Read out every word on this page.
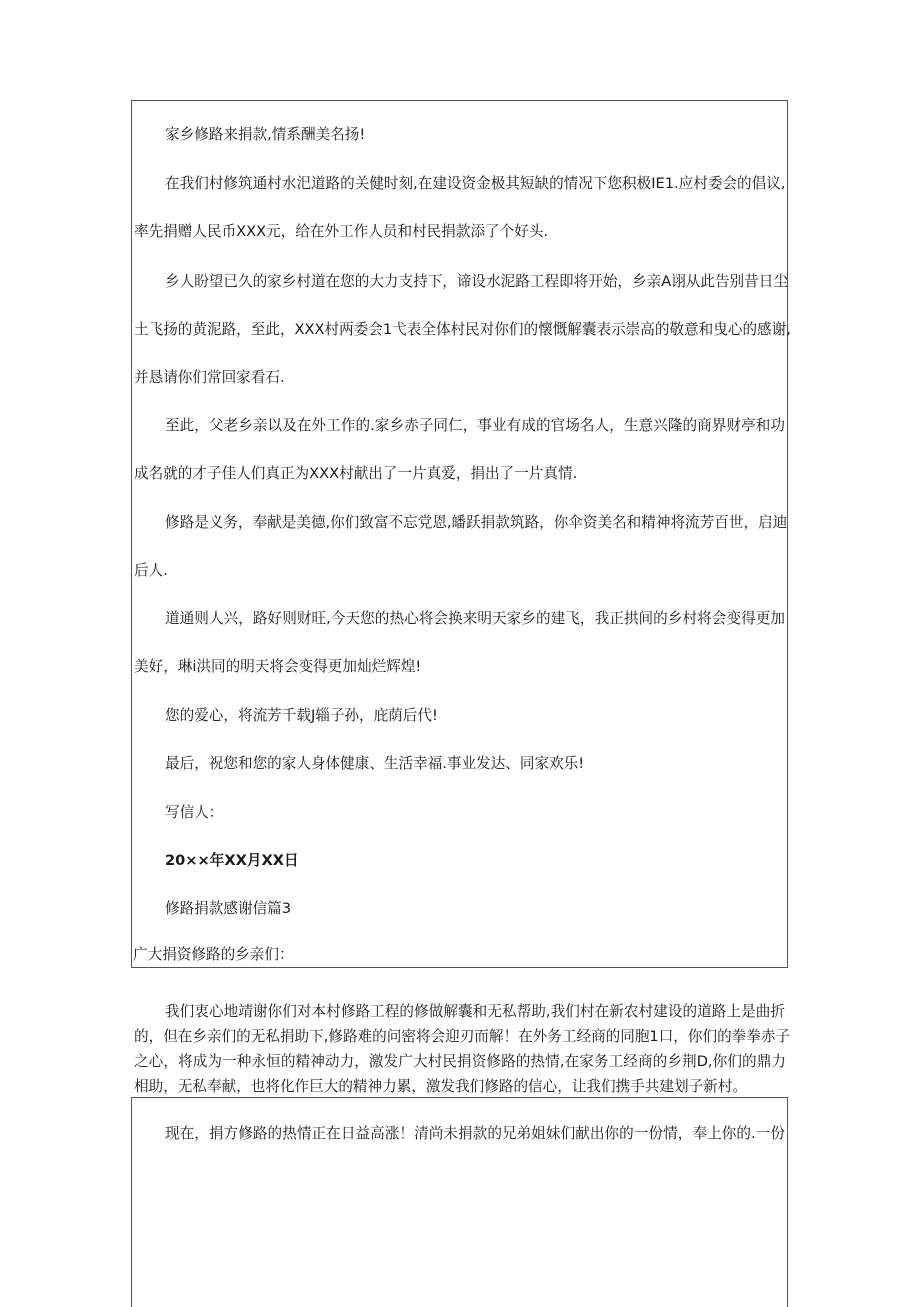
家乡修路来捐款,情系酬美名扬!
在我们村修筑通村水汜道路的关健时刻,在建设资金极其短缺的情况下您积极IE1.应村委会的倡议,
率先捐赠人民币XXX元，给在外工作人员和村民捐款添了个好头.
乡人盼望已久的家乡村道在您的大力支持下，谛设水泥路工程即将开始，乡亲A诩从此告别昔日尘
土飞扬的黄泥路，至此，XXX村两委会1弋表全体村民对你们的懐慨解囊表示崇高的敬意和曳心的感谢,
并恳请你们常回家看石.
至此，父老乡亲以及在外工作的.家乡赤子同仁，事业有成的官场名人，生意兴隆的商界财亭和功
成名就的才子佳人们真正为XXX村献出了一片真爱，捐出了一片真情.
修路是义务，奉献是美德,你们致富不忘党恩,皤跃捐款筑路，你伞资美名和精神将流芳百世，启迪
后人.
道通则人兴，路好则财旺,今天您的热心将会换来明天家乡的建飞，我正拱间的乡村将会变得更加
美好，琳i洪同的明天将会变得更加灿烂辉煌!
您的爱心，将流芳千载J辎子孙，庇荫后代!
最后，祝您和您的家人身体健康、生活幸福.事业发达、同家欢乐!
写信人：
20××年XX月XX日
修路捐款感谢信篇3
广大捐资修路的乡亲们：
我们衷心地靖谢你们对本村修路工程的修做解囊和无私帮助,我们村在新农村建设的道路上是曲折
的，但在乡亲们的无私捐助下,修路难的问密将会迎刃而解！在外务工经商的同胞1口，你们的拳拳赤子
之心，将成为一种永恒的精神动力，激发广大村民捐资修路的热情,在家务工经商的乡荆D,你们的鼎力
相助，无私奉献，也将化作巨大的精神力累，激发我们修路的信心，让我们携手共建划子新村。
现在，捐方修路的热情正在日益高涨！清尚未捐款的兄弟姐妹们献出你的一份情，奉上你的.一份
